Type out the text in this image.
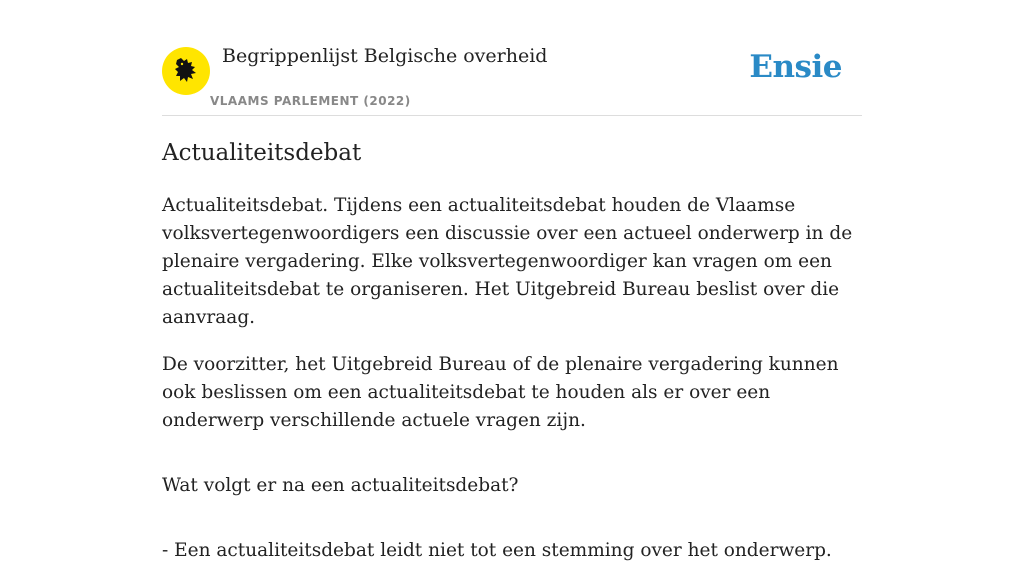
Begrippenlijst Belgische overheid
VLAAMS PARLEMENT (2022)
Ensie
Actualiteitsdebat

Actualiteitsdebat. Tijdens een actualiteitsdebat houden de Vlaamse volksvertegenwoordigers een discussie over een actueel onderwerp in de plenaire vergadering. Elke volksvertegenwoordiger kan vragen om een actualiteitsdebat te organiseren. Het Uitgebreid Bureau beslist over die aanvraag.

De voorzitter, het Uitgebreid Bureau of de plenaire vergadering kunnen ook beslissen om een actualiteitsdebat te houden als er over een onderwerp verschillende actuele vragen zijn.

Wat volgt er na een actualiteitsdebat?

- Een actualiteitsdebat leidt niet tot een stemming over het onderwerp.
